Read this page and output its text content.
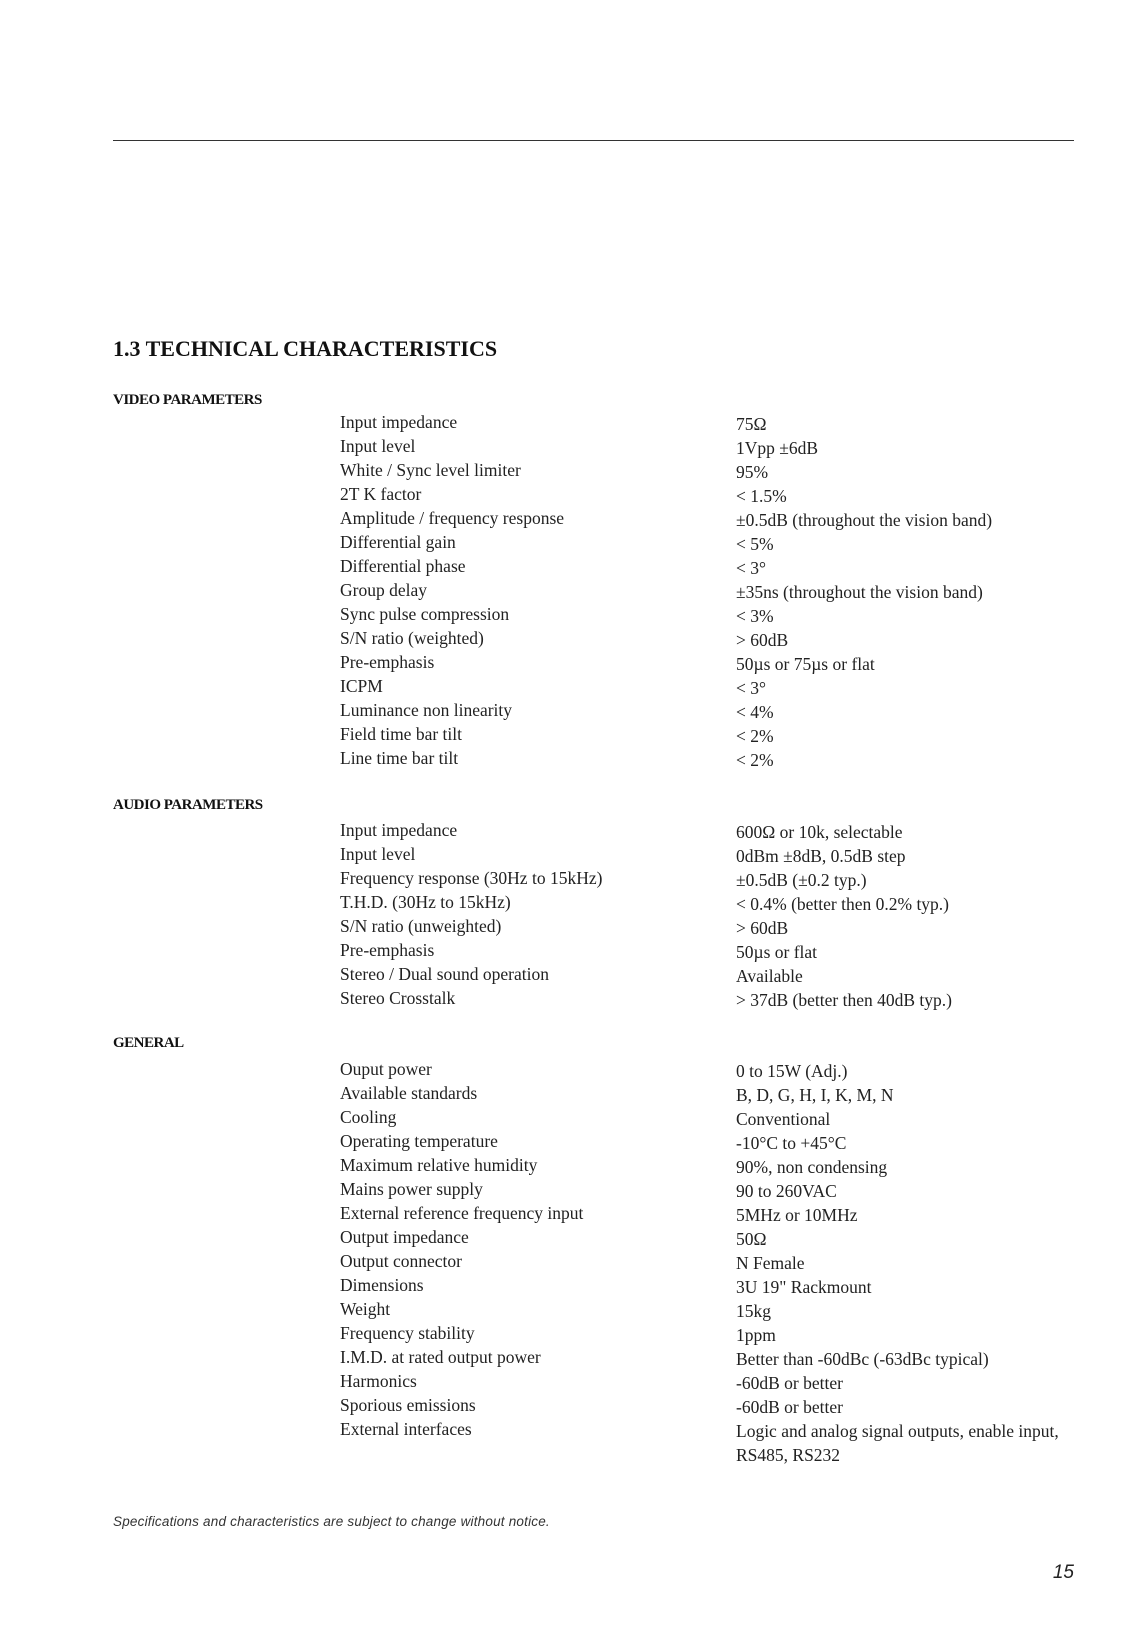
1.3 TECHNICAL CHARACTERISTICS
VIDEO PARAMETERS
Input impedance	75Ω
Input level	1Vpp ±6dB
White / Sync level limiter	95%
2T K factor	< 1.5%
Amplitude / frequency response	±0.5dB (throughout the vision band)
Differential gain	< 5%
Differential phase	< 3°
Group delay	±35ns (throughout the vision band)
Sync pulse compression	< 3%
S/N ratio (weighted)	> 60dB
Pre-emphasis	50µs or 75µs or flat
ICPM	< 3°
Luminance non linearity	< 4%
Field time bar tilt	< 2%
Line time bar tilt	< 2%
AUDIO PARAMETERS
Input impedance	600Ω or 10k, selectable
Input level	0dBm ±8dB, 0.5dB step
Frequency response (30Hz to 15kHz)	±0.5dB (±0.2 typ.)
T.H.D. (30Hz to 15kHz)	< 0.4% (better then 0.2% typ.)
S/N ratio (unweighted)	> 60dB
Pre-emphasis	50µs or flat
Stereo / Dual sound operation	Available
Stereo Crosstalk	> 37dB (better then 40dB typ.)
GENERAL
Ouput power	0 to 15W (Adj.)
Available standards	B, D, G, H, I, K, M, N
Cooling	Conventional
Operating temperature	-10°C to +45°C
Maximum relative humidity	90%, non condensing
Mains power supply	90 to 260VAC
External reference frequency input	5MHz or 10MHz
Output impedance	50Ω
Output connector	N Female
Dimensions	3U 19" Rackmount
Weight	15kg
Frequency stability	1ppm
I.M.D. at rated output power	Better than -60dBc (-63dBc typical)
Harmonics	-60dB or better
Sporious emissions	-60dB or better
External interfaces	Logic and analog signal outputs, enable input, RS485, RS232

Specifications and characteristics are subject to change without notice.

15
